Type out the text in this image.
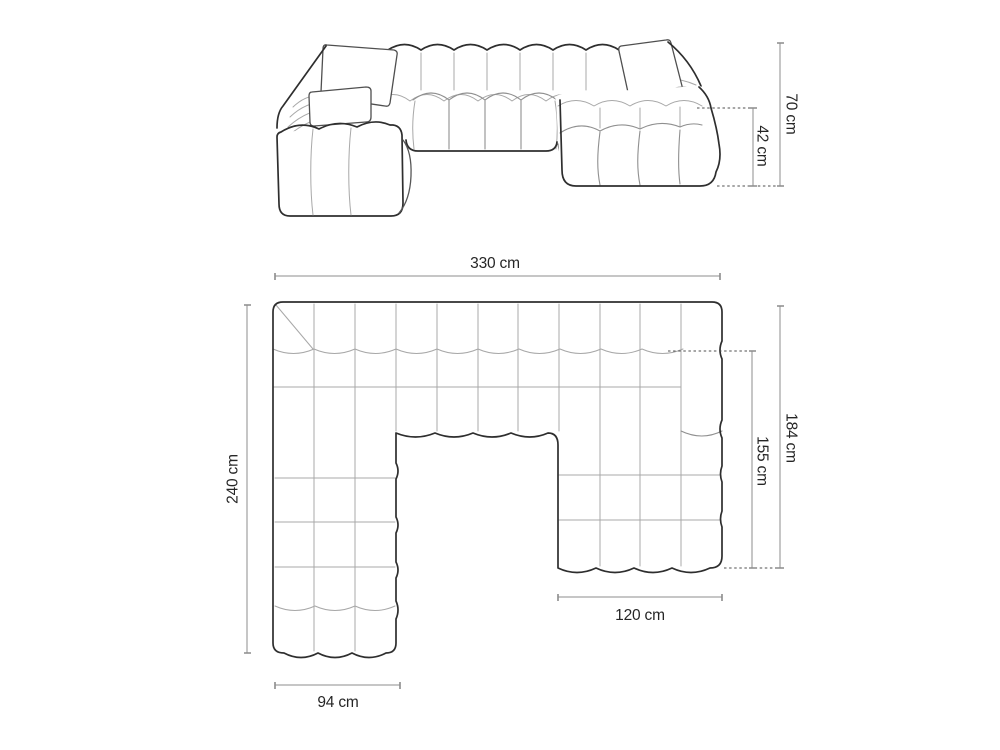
70 cm
42 cm
330 cm
240 cm	155 cm 184 cm
120 cm
94 cm
